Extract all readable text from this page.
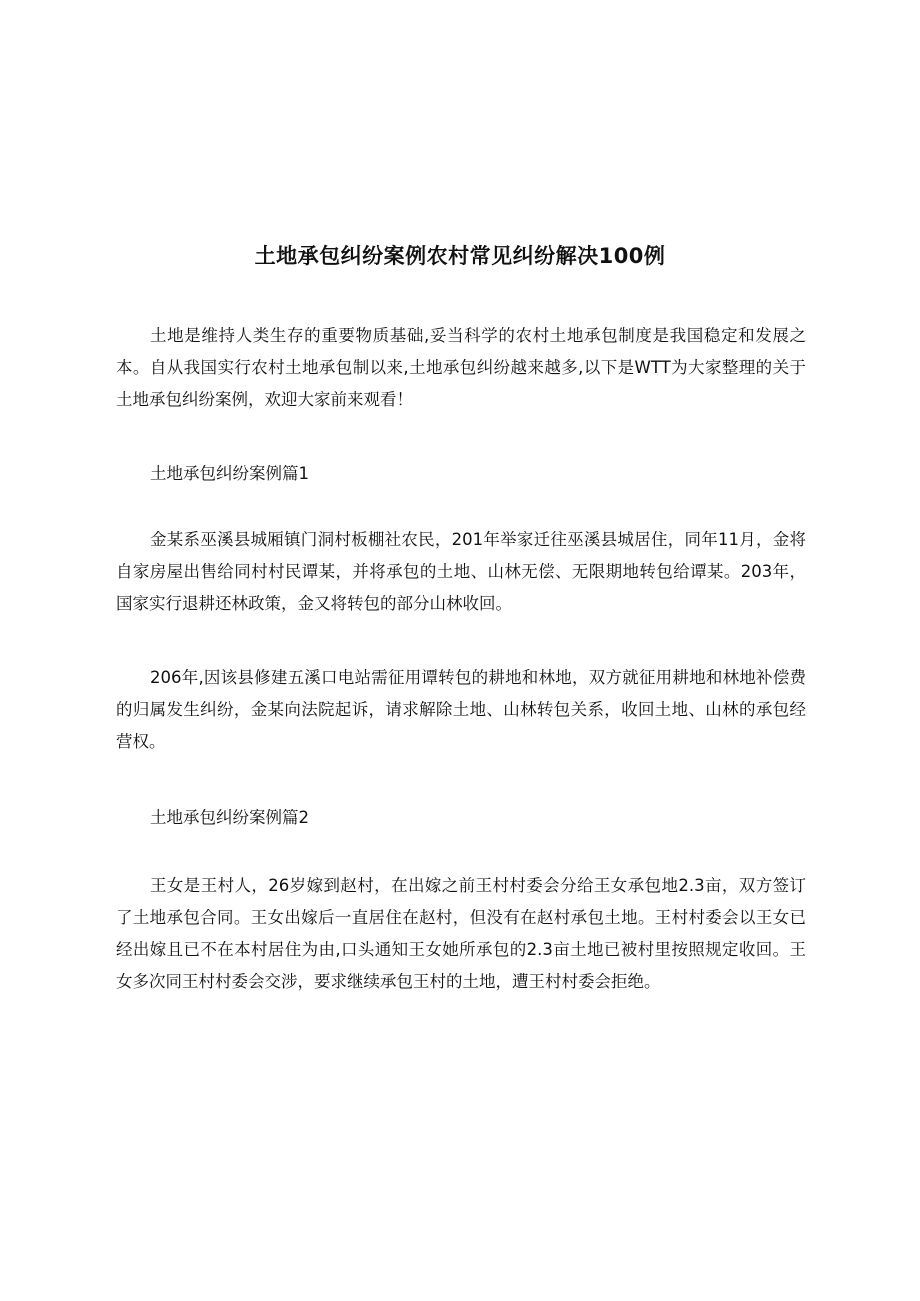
土地承包纠纷案例农村常见纠纷解决100例

土地是维持人类生存的重要物质基础,妥当科学的农村土地承包制度是我国稳定和发展之本。自从我国实行农村土地承包制以来,土地承包纠纷越来越多,以下是WTT为大家整理的关于土地承包纠纷案例，欢迎大家前来观看！

土地承包纠纷案例篇1

金某系巫溪县城厢镇门洞村板棚社农民，201年举家迁往巫溪县城居住，同年11月，金将自家房屋出售给同村村民谭某，并将承包的土地、山林无偿、无限期地转包给谭某。203年，国家实行退耕还林政策，金又将转包的部分山林收回。

206年,因该县修建五溪口电站需征用谭转包的耕地和林地，双方就征用耕地和林地补偿费的归属发生纠纷，金某向法院起诉，请求解除土地、山林转包关系，收回土地、山林的承包经营权。

土地承包纠纷案例篇2

王女是王村人，26岁嫁到赵村，在出嫁之前王村村委会分给王女承包地2.3亩，双方签订了土地承包合同。王女出嫁后一直居住在赵村，但没有在赵村承包土地。王村村委会以王女已经出嫁且已不在本村居住为由,口头通知王女她所承包的2.3亩土地已被村里按照规定收回。王女多次同王村村委会交涉，要求继续承包王村的土地，遭王村村委会拒绝。
